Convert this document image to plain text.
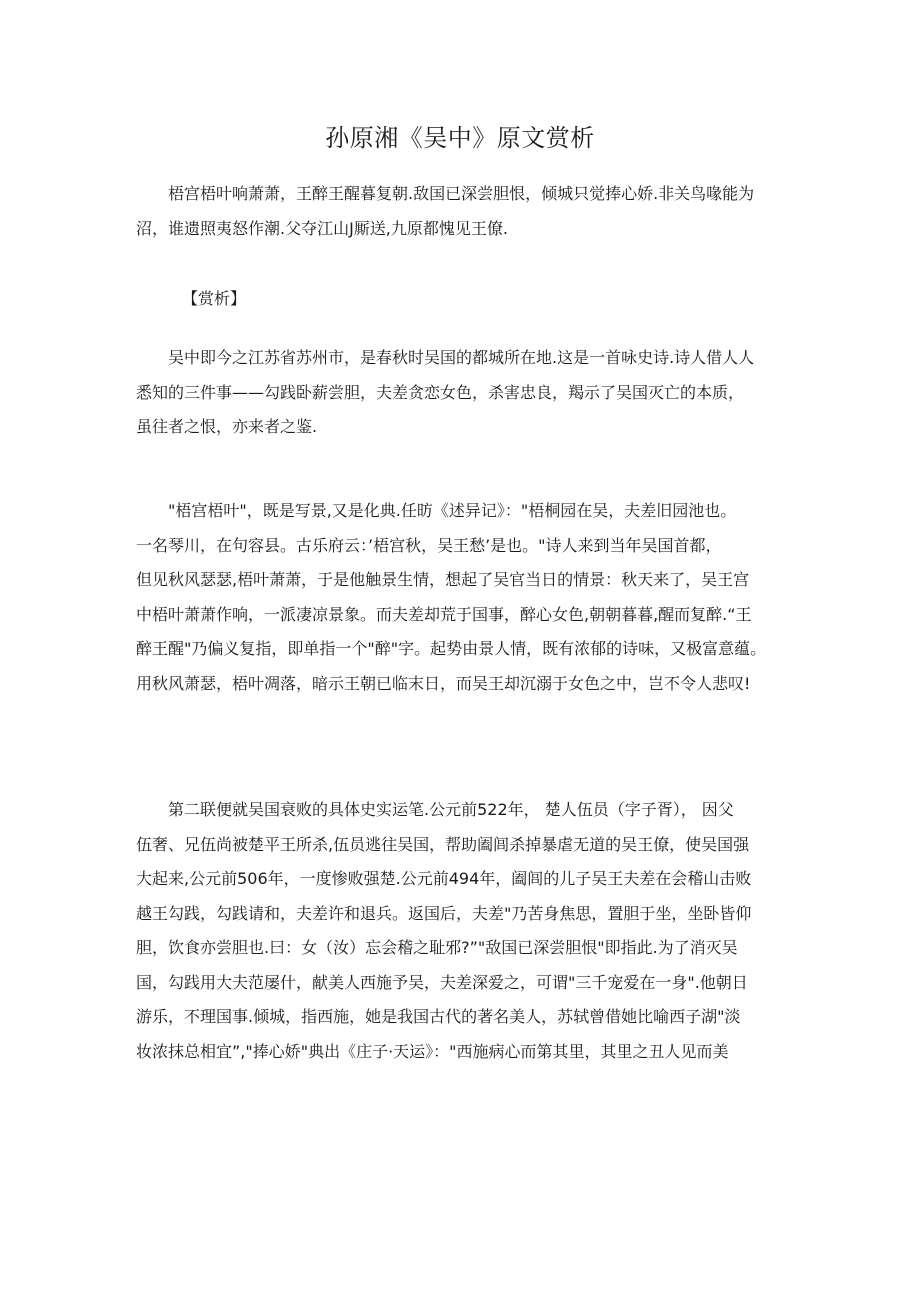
孙原湘《吴中》原文赏析

梧宫梧叶响萧萧，王醉王醒暮复朝.敌国已深尝胆恨，倾城只觉捧心娇.非关鸟喙能为
沼，谁遗照夷怒作潮.父夺江山J厮送,九原都愧见王僚.

【赏析】

吴中即今之江苏省苏州市，是春秋时吴国的都城所在地.这是一首咏史诗.诗人借人人
悉知的三件事——勾践卧薪尝胆，夫差贪恋女色，杀害忠良，羯示了吴国灭亡的本质，
虽往者之恨，亦来者之鉴.

"梧宫梧叶"，既是写景,又是化典.任昉《述异记》："梧桐园在吴，夫差旧园池也。
一名琴川，在句容县。古乐府云：’梧宫秋，吴王愁’是也。"诗人来到当年吴国首都，
但见秋风瑟瑟,梧叶萧萧，于是他触景生情，想起了吴官当日的情景：秋天来了，吴王宫
中梧叶萧萧作响，一派凄凉景象。而夫差却荒于国事，醉心女色,朝朝暮暮,醒而复醉.“王
醉王醒"乃偏义复指，即单指一个"醉"字。起势由景人情，既有浓郁的诗味，又极富意蕴。
用秋风萧瑟，梧叶凋落，暗示王朝已临末日，而吴王却沉溺于女色之中，岂不令人悲叹!

第二联便就吴国衰败的具体史实运笔.公元前522年， 楚人伍员（字子胥）， 因父
伍奢、兄伍尚被楚平王所杀,伍员逃往吴国，帮助阖闾杀掉暴虐无道的吴王僚，使吴国强
大起来,公元前506年，一度惨败强楚.公元前494年，阖闾的儿子吴王夫差在会稽山击败
越王勾践，勾践请和，夫差许和退兵。返国后，夫差"乃苦身焦思，置胆于坐，坐卧皆仰
胆，饮食亦尝胆也.曰：女（汝）忘会稽之耻邪?”"敌国已深尝胆恨"即指此.为了消灭吴
国，勾践用大夫范屡什，献美人西施予吴，夫差深爱之，可谓"三千宠爱在一身".他朝日
游乐，不理国事.倾城，指西施，她是我国古代的著名美人，苏轼曾借她比喻西子湖"淡
妆浓抹总相宜”,"捧心娇"典出《庄子·天运》："西施病心而第其里，其里之丑人见而美
